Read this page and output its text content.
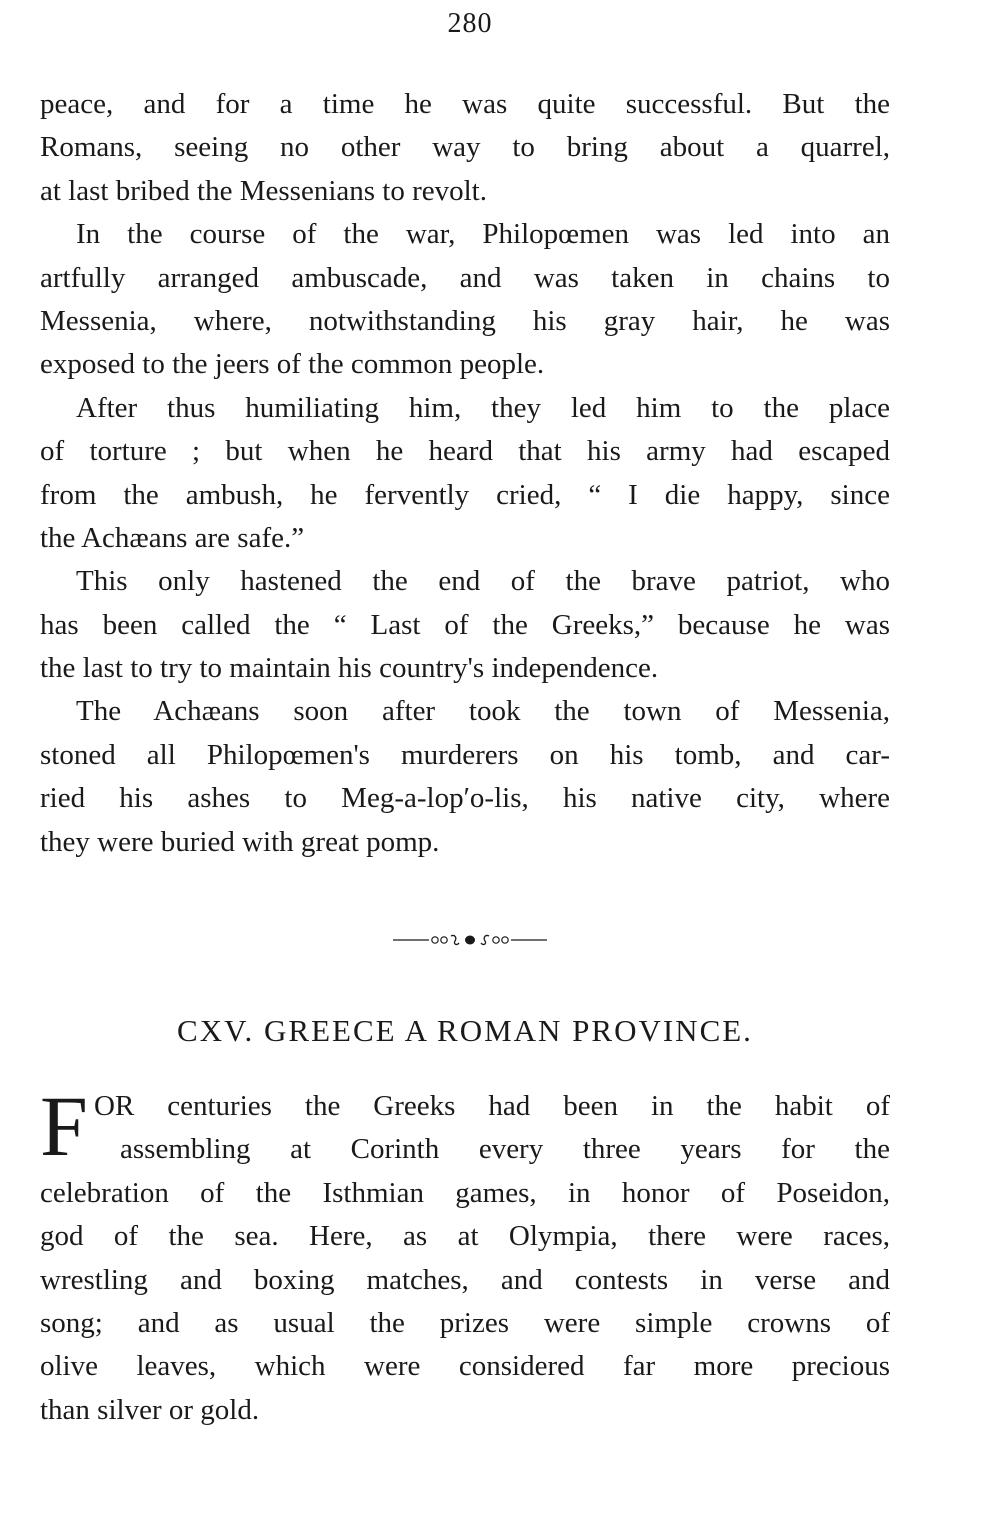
280
peace, and for a time he was quite successful. But the
Romans, seeing no other way to bring about a quarrel,
at last bribed the Messenians to revolt.
In the course of the war, Philopœmen was led into an
artfully arranged ambuscade, and was taken in chains to
Messenia, where, notwithstanding his gray hair, he was
exposed to the jeers of the common people.
After thus humiliating him, they led him to the place
of torture ; but when he heard that his army had escaped
from the ambush, he fervently cried, “ I die happy, since
the Achæans are safe.”
This only hastened the end of the brave patriot, who
has been called the “ Last of the Greeks,” because he was
the last to try to maintain his country's independence.
The Achæans soon after took the town of Messenia,
stoned all Philopœmen's murderers on his tomb, and car-
ried his ashes to Meg-a-lop′o-lis, his native city, where
they were buried with great pomp.
CXV. GREECE A ROMAN PROVINCE.
F OR centuries the Greeks had been in the habit of
assembling at Corinth every three years for the
celebration of the Isthmian games, in honor of Poseidon,
god of the sea. Here, as at Olympia, there were races,
wrestling and boxing matches, and contests in verse and
song; and as usual the prizes were simple crowns of
olive leaves, which were considered far more precious
than silver or gold.
